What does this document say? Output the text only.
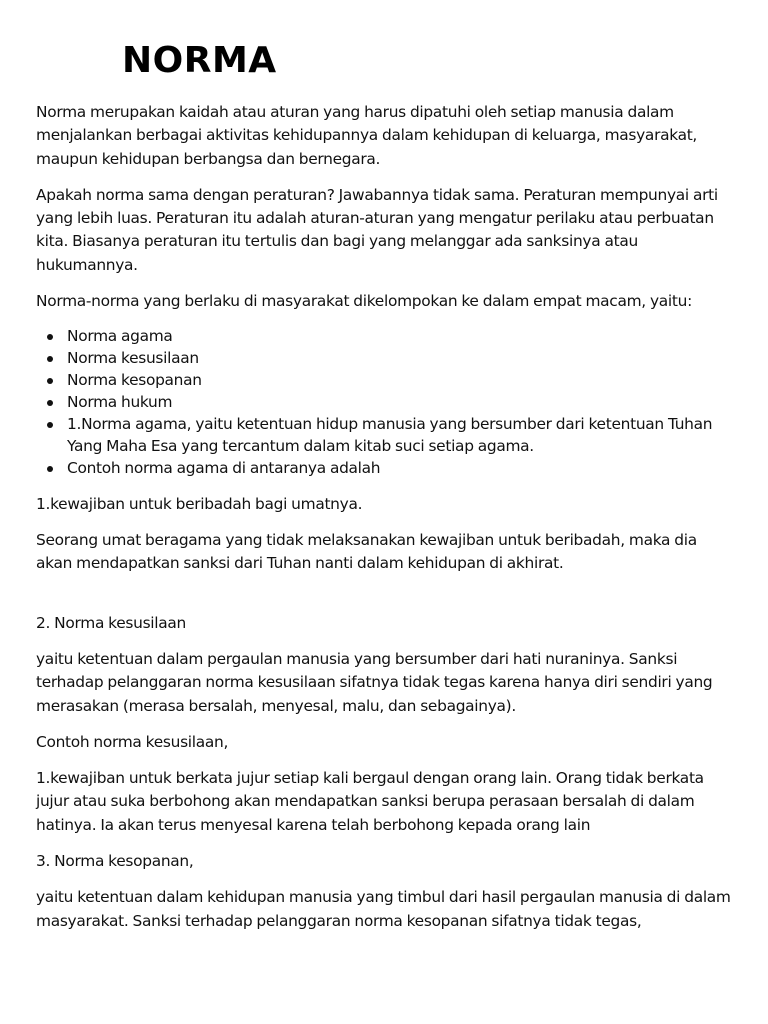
NORMA

Norma merupakan kaidah atau aturan yang harus dipatuhi oleh setiap manusia dalam menjalankan berbagai aktivitas kehidupannya dalam kehidupan di keluarga, masyarakat, maupun kehidupan berbangsa dan bernegara.

Apakah norma sama dengan peraturan? Jawabannya tidak sama. Peraturan mempunyai arti yang lebih luas. Peraturan itu adalah aturan-aturan yang mengatur perilaku atau perbuatan kita. Biasanya peraturan itu tertulis dan bagi yang melanggar ada sanksinya atau hukumannya.

Norma-norma yang berlaku di masyarakat dikelompokan ke dalam empat macam, yaitu:

Norma agama
Norma kesusilaan
Norma kesopanan
Norma hukum
1.Norma agama, yaitu ketentuan hidup manusia yang bersumber dari ketentuan Tuhan Yang Maha Esa yang tercantum dalam kitab suci setiap agama.
Contoh norma agama di antaranya adalah

1.kewajiban untuk beribadah bagi umatnya.

Seorang umat beragama yang tidak melaksanakan kewajiban untuk beribadah, maka dia akan mendapatkan sanksi dari Tuhan nanti dalam kehidupan di akhirat.

2. Norma kesusilaan

yaitu ketentuan dalam pergaulan manusia yang bersumber dari hati nuraninya. Sanksi terhadap pelanggaran norma kesusilaan sifatnya tidak tegas karena hanya diri sendiri yang merasakan (merasa bersalah, menyesal, malu, dan sebagainya).

Contoh norma kesusilaan,

1.kewajiban untuk berkata jujur setiap kali bergaul dengan orang lain. Orang tidak berkata jujur atau suka berbohong akan mendapatkan sanksi berupa perasaan bersalah di dalam hatinya. Ia akan terus menyesal karena telah berbohong kepada orang lain

3. Norma kesopanan,

yaitu ketentuan dalam kehidupan manusia yang timbul dari hasil pergaulan manusia di dalam masyarakat. Sanksi terhadap pelanggaran norma kesopanan sifatnya tidak tegas,
